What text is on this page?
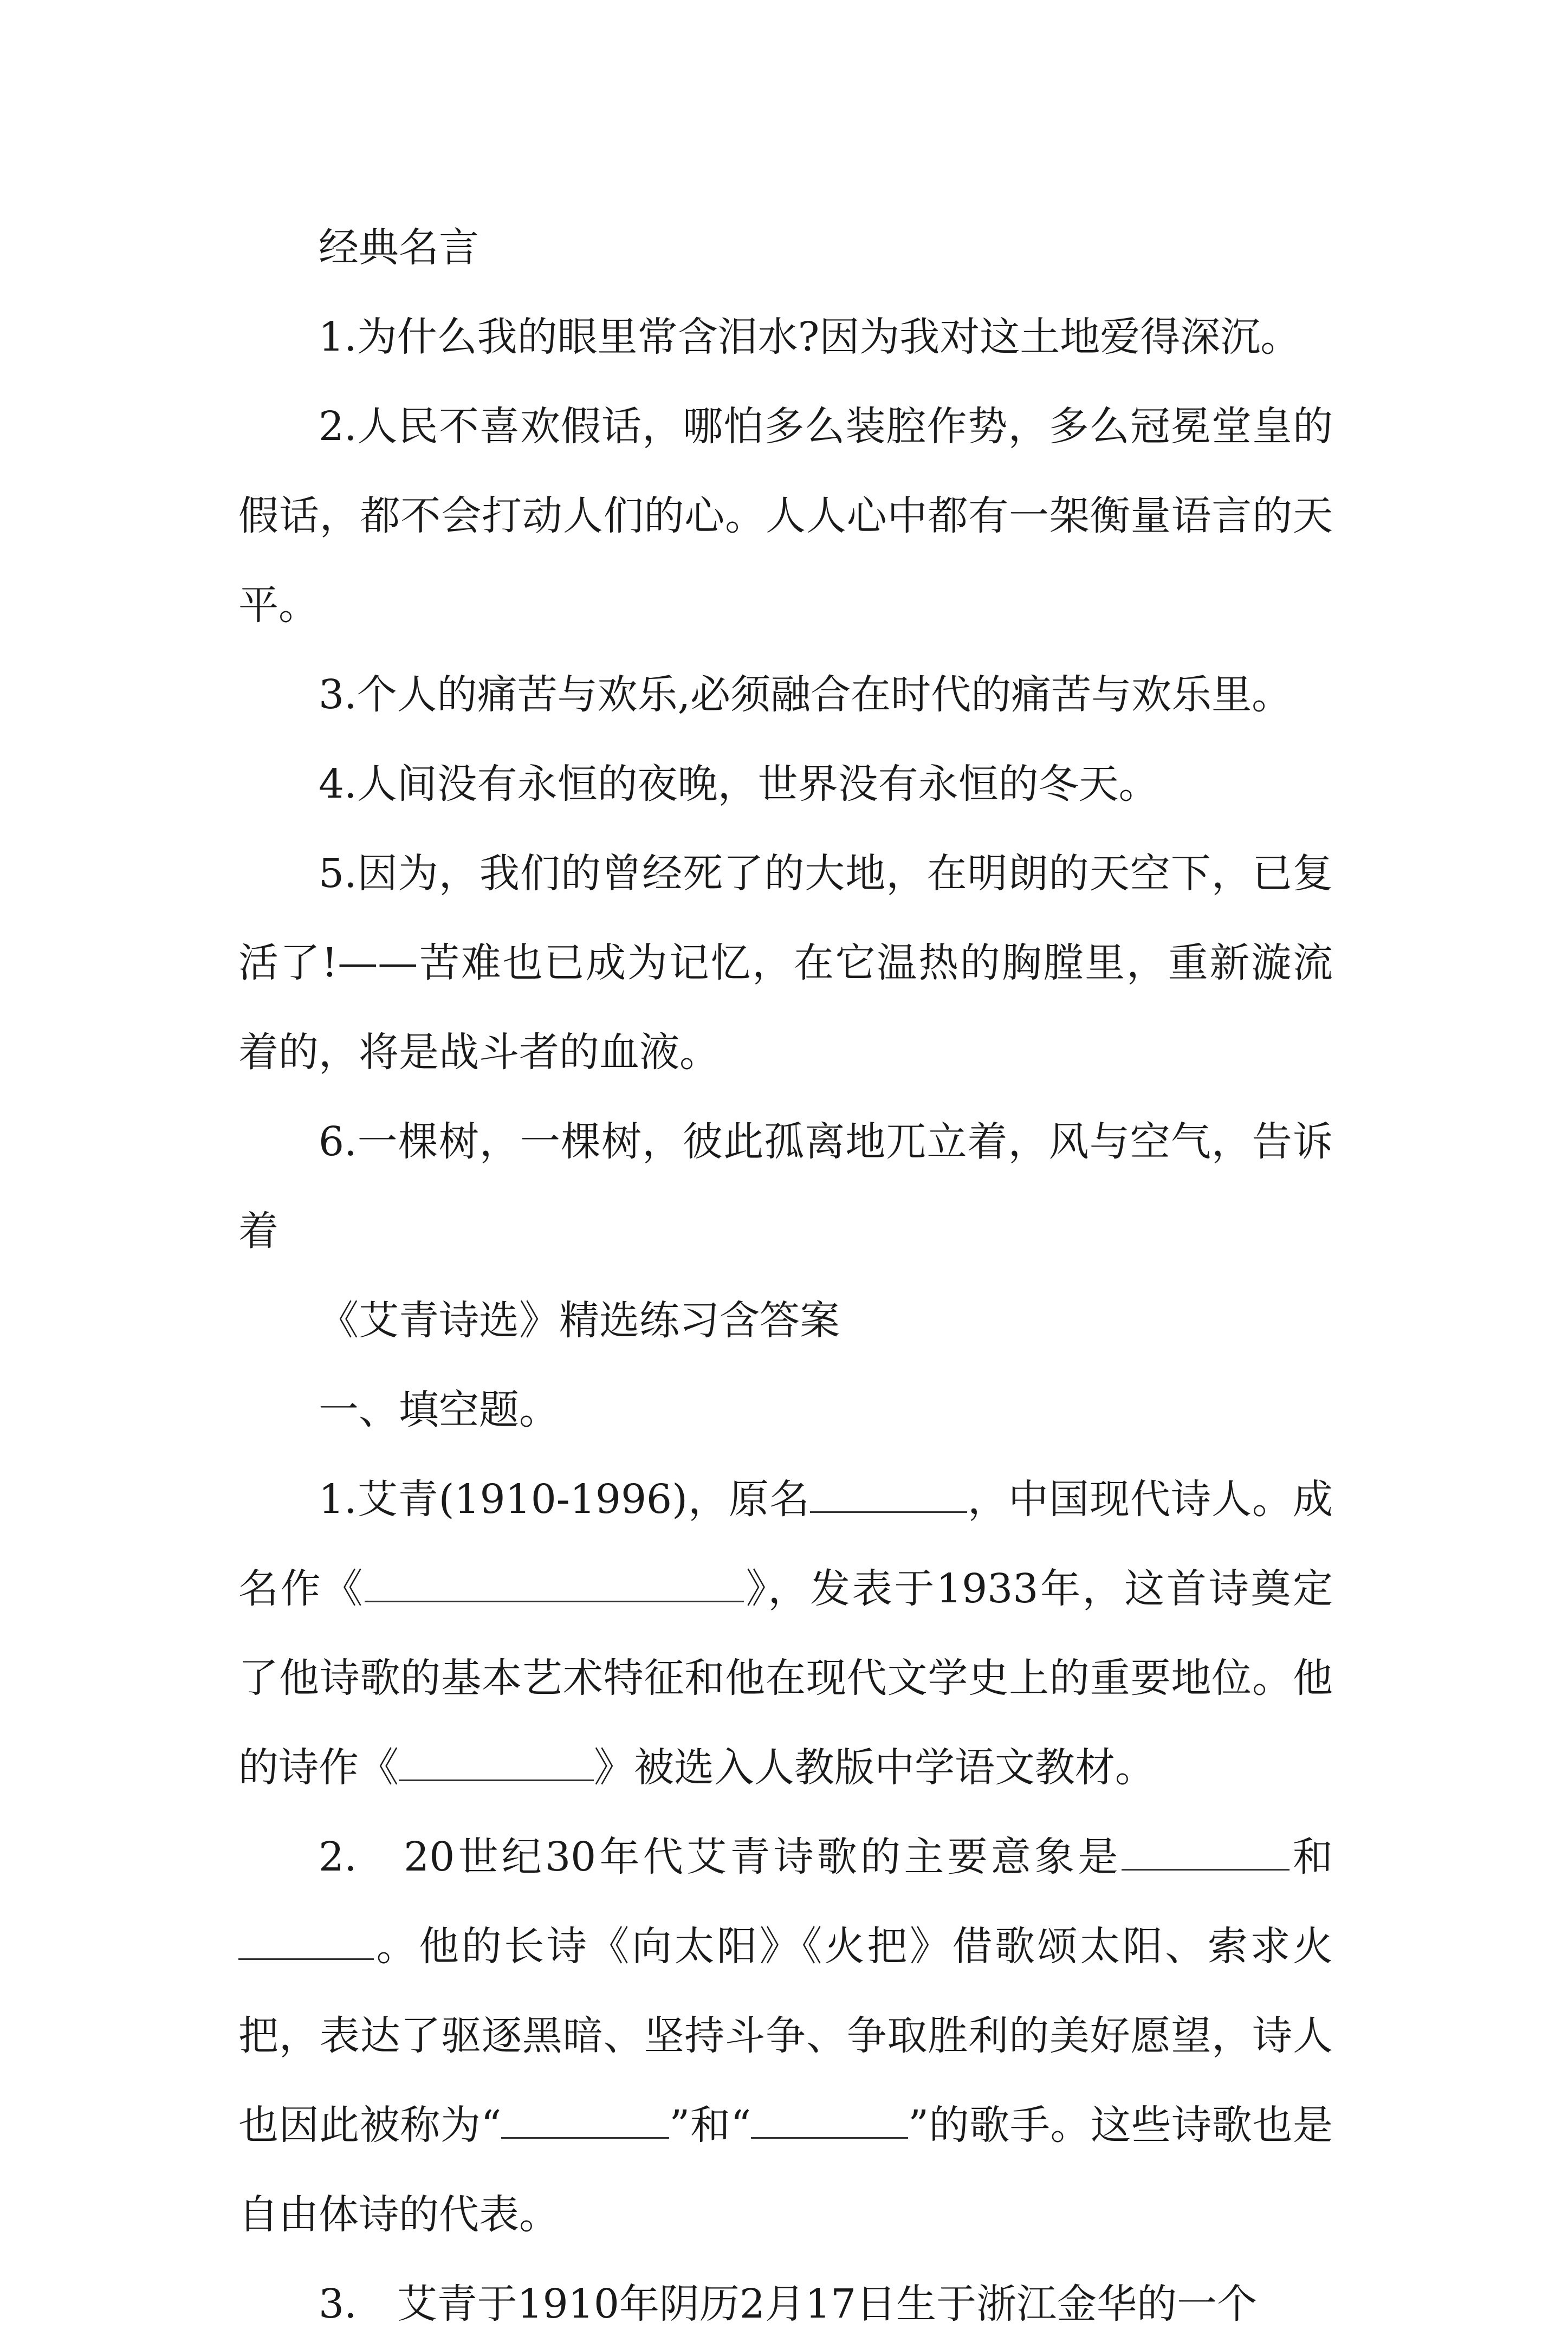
经典名言

1.为什么我的眼里常含泪水?因为我对这土地爱得深沉。

2.人民不喜欢假话，哪怕多么装腔作势，多么冠冕堂皇的假话，都不会打动人们的心。人人心中都有一架衡量语言的天平。

3.个人的痛苦与欢乐,必须融合在时代的痛苦与欢乐里。

4.人间没有永恒的夜晚，世界没有永恒的冬天。

5.因为，我们的曾经死了的大地，在明朗的天空下，已复活了!——苦难也已成为记忆，在它温热的胸膛里，重新漩流着的，将是战斗者的血液。

6.一棵树，一棵树，彼此孤离地兀立着，风与空气，告诉着

《艾青诗选》精选练习含答案

一、填空题。

1.艾青(1910-1996)，原名	，中国现代诗人。成名作《	》，发表于1933年，这首诗奠定了他诗歌的基本艺术特征和他在现代文学史上的重要地位。他的诗作《	》被选入人教版中学语文教材。

2.　20世纪30年代艾青诗歌的主要意象是	和。他的长诗《向太阳》《火把》借歌颂太阳、索求火把，表达了驱逐黑暗、坚持斗争、争取胜利的美好愿望，诗人也因此被称为“	”和“	”的歌手。这些诗歌也是自由体诗的代表。

3.　艾青于1910年阴历2月17日生于浙江金华的一个
